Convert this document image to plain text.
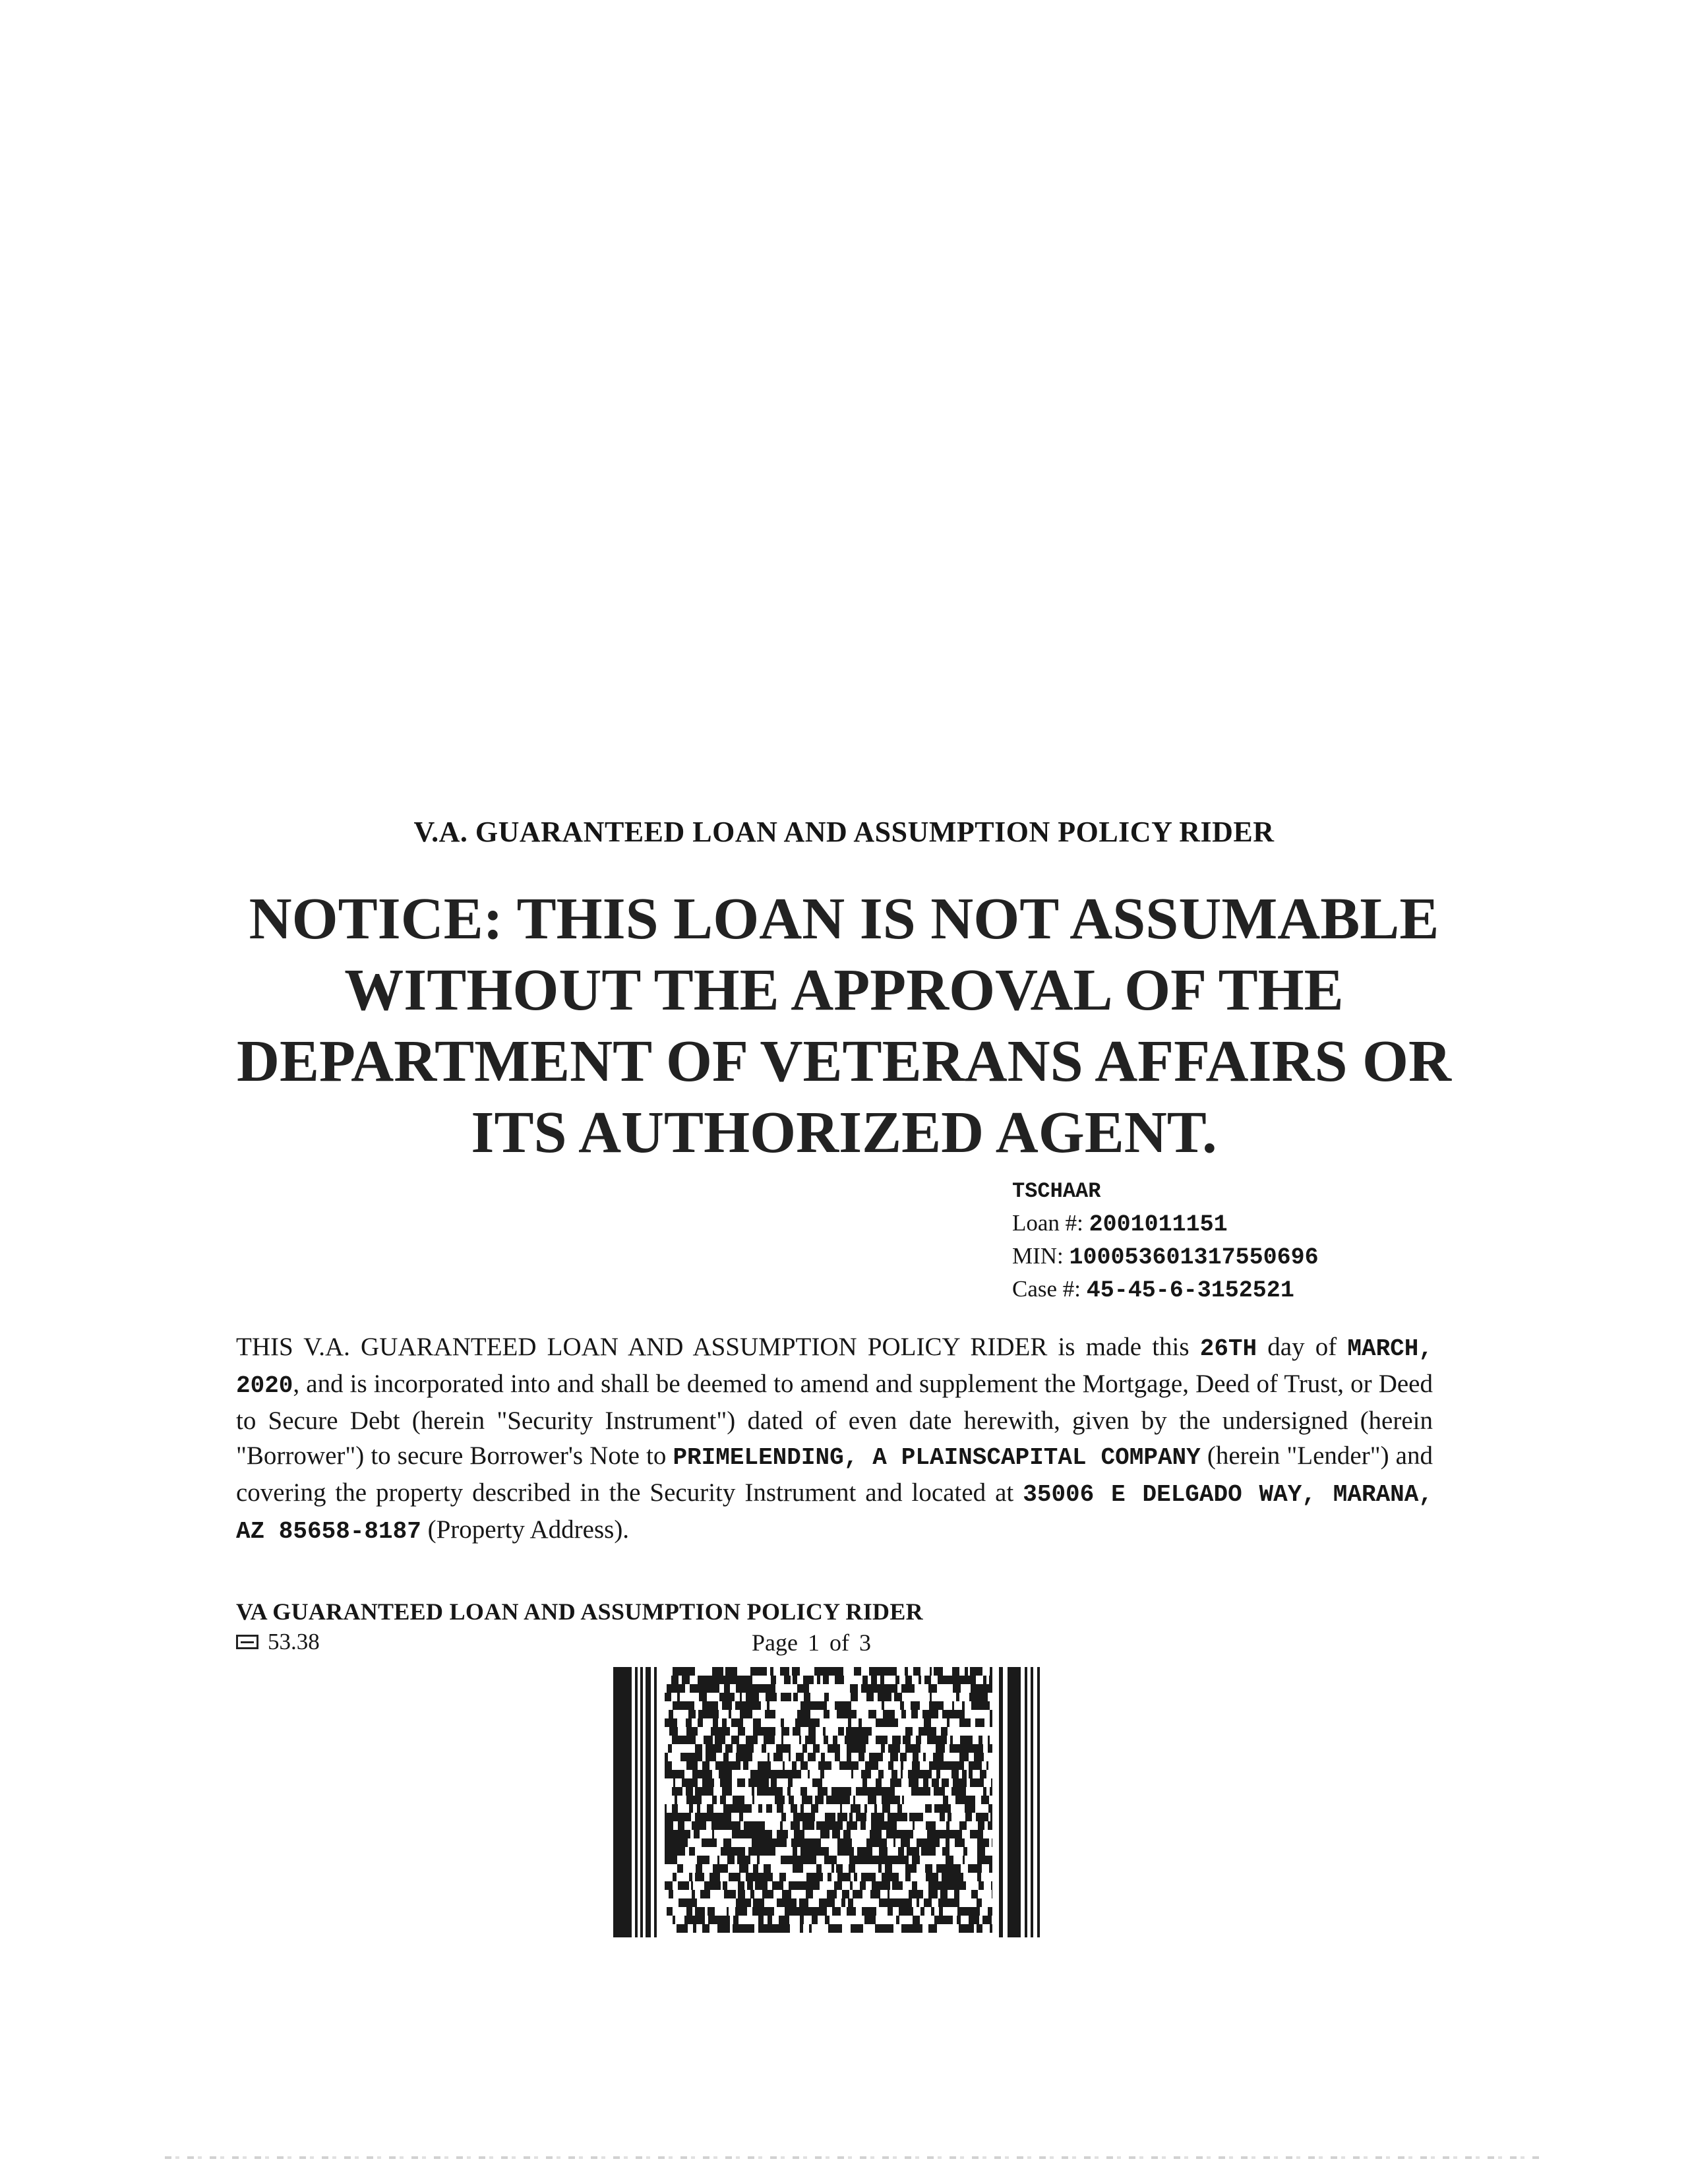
V.A. GUARANTEED LOAN AND ASSUMPTION POLICY RIDER
NOTICE: THIS LOAN IS NOT ASSUMABLE
WITHOUT THE APPROVAL OF THE
DEPARTMENT OF VETERANS AFFAIRS OR
ITS AUTHORIZED AGENT.
TSCHAAR
Loan #: 2001011151
MIN: 100053601317550696
Case #: 45-45-6-3152521
THIS V.A. GUARANTEED LOAN AND ASSUMPTION POLICY RIDER is made this 26TH day of MARCH, 2020, and is incorporated into and shall be deemed to amend and supplement the Mortgage, Deed of Trust, or Deed to Secure Debt (herein "Security Instrument") dated of even date herewith, given by the undersigned (herein "Borrower") to secure Borrower's Note to PRIMELENDING, A PLAINSCAPITAL COMPANY (herein "Lender") and covering the property described in the Security Instrument and located at 35006 E DELGADO WAY, MARANA, AZ 85658-8187 (Property Address).
VA GUARANTEED LOAN AND ASSUMPTION POLICY RIDER
53.38	Page 1 of 3
